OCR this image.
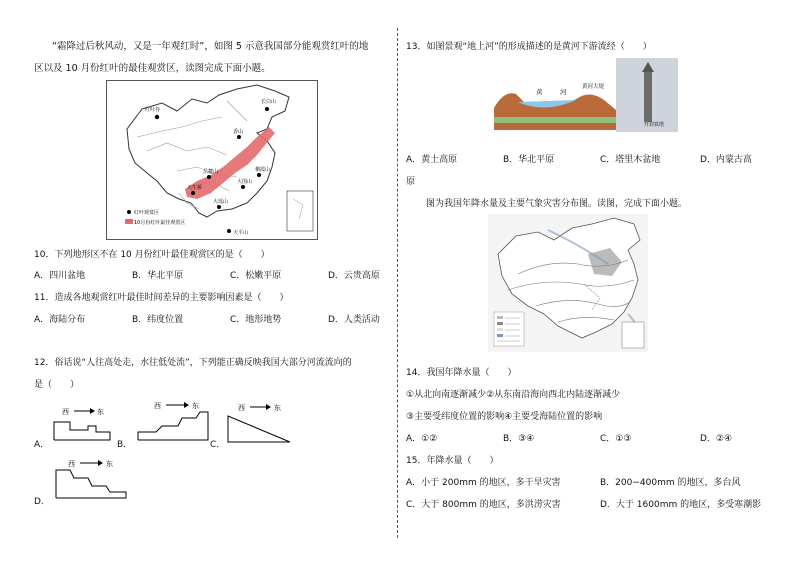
“霜降过后秋风动，又是一年观红时”，如图 5 示意我国部分能观赏红叶的地
区以及 10 月份红叶的最佳观赏区，读图完成下面小题。
红叶谷
香山
长白山
栖霞山
岳麓山
大围山
大瑶山
天生桥
天平山
红叶观赏区
10月份红叶最佳观赏区
10．下列地形区不在 10 月份红叶最佳观赏区的是（　　）
A．四川盆地	B．华北平原	C．松嫩平原	D．云贵高原
11．造成各地观赏红叶最佳时间差异的主要影响因素是（　　）
A．海陆分布	B．纬度位置	C．地形地势	D．人类活动
12．俗话说“人往高处走，水往低处流”，下列能正确反映我国大部分河流流向的
是（　　）
A．
西	东
B．
西	东
C．
西	东
D．
西	东
13．如图景观“地上河”的形成描述的是黄河下游流经（　　）
黄	河
黄河大堤
开封铁塔
A．黄土高原	B．华北平原	C．塔里木盆地	D．内蒙古高
原
图为我国年降水量及主要气象灾害分布图。读图，完成下面小题。
14．我国年降水量（　　）
①从北向南逐渐减少②从东南沿海向西北内陆逐渐减少
③主要受纬度位置的影响④主要受海陆位置的影响
A．①②	B．③④	C．①③	D．②④
15．年降水量（　　）
A．小于 200mm 的地区，多干旱灾害	B．200−400mm 的地区，多台风
C．大于 800mm 的地区，多洪涝灾害	D．大于 1600mm 的地区，多受寒潮影
